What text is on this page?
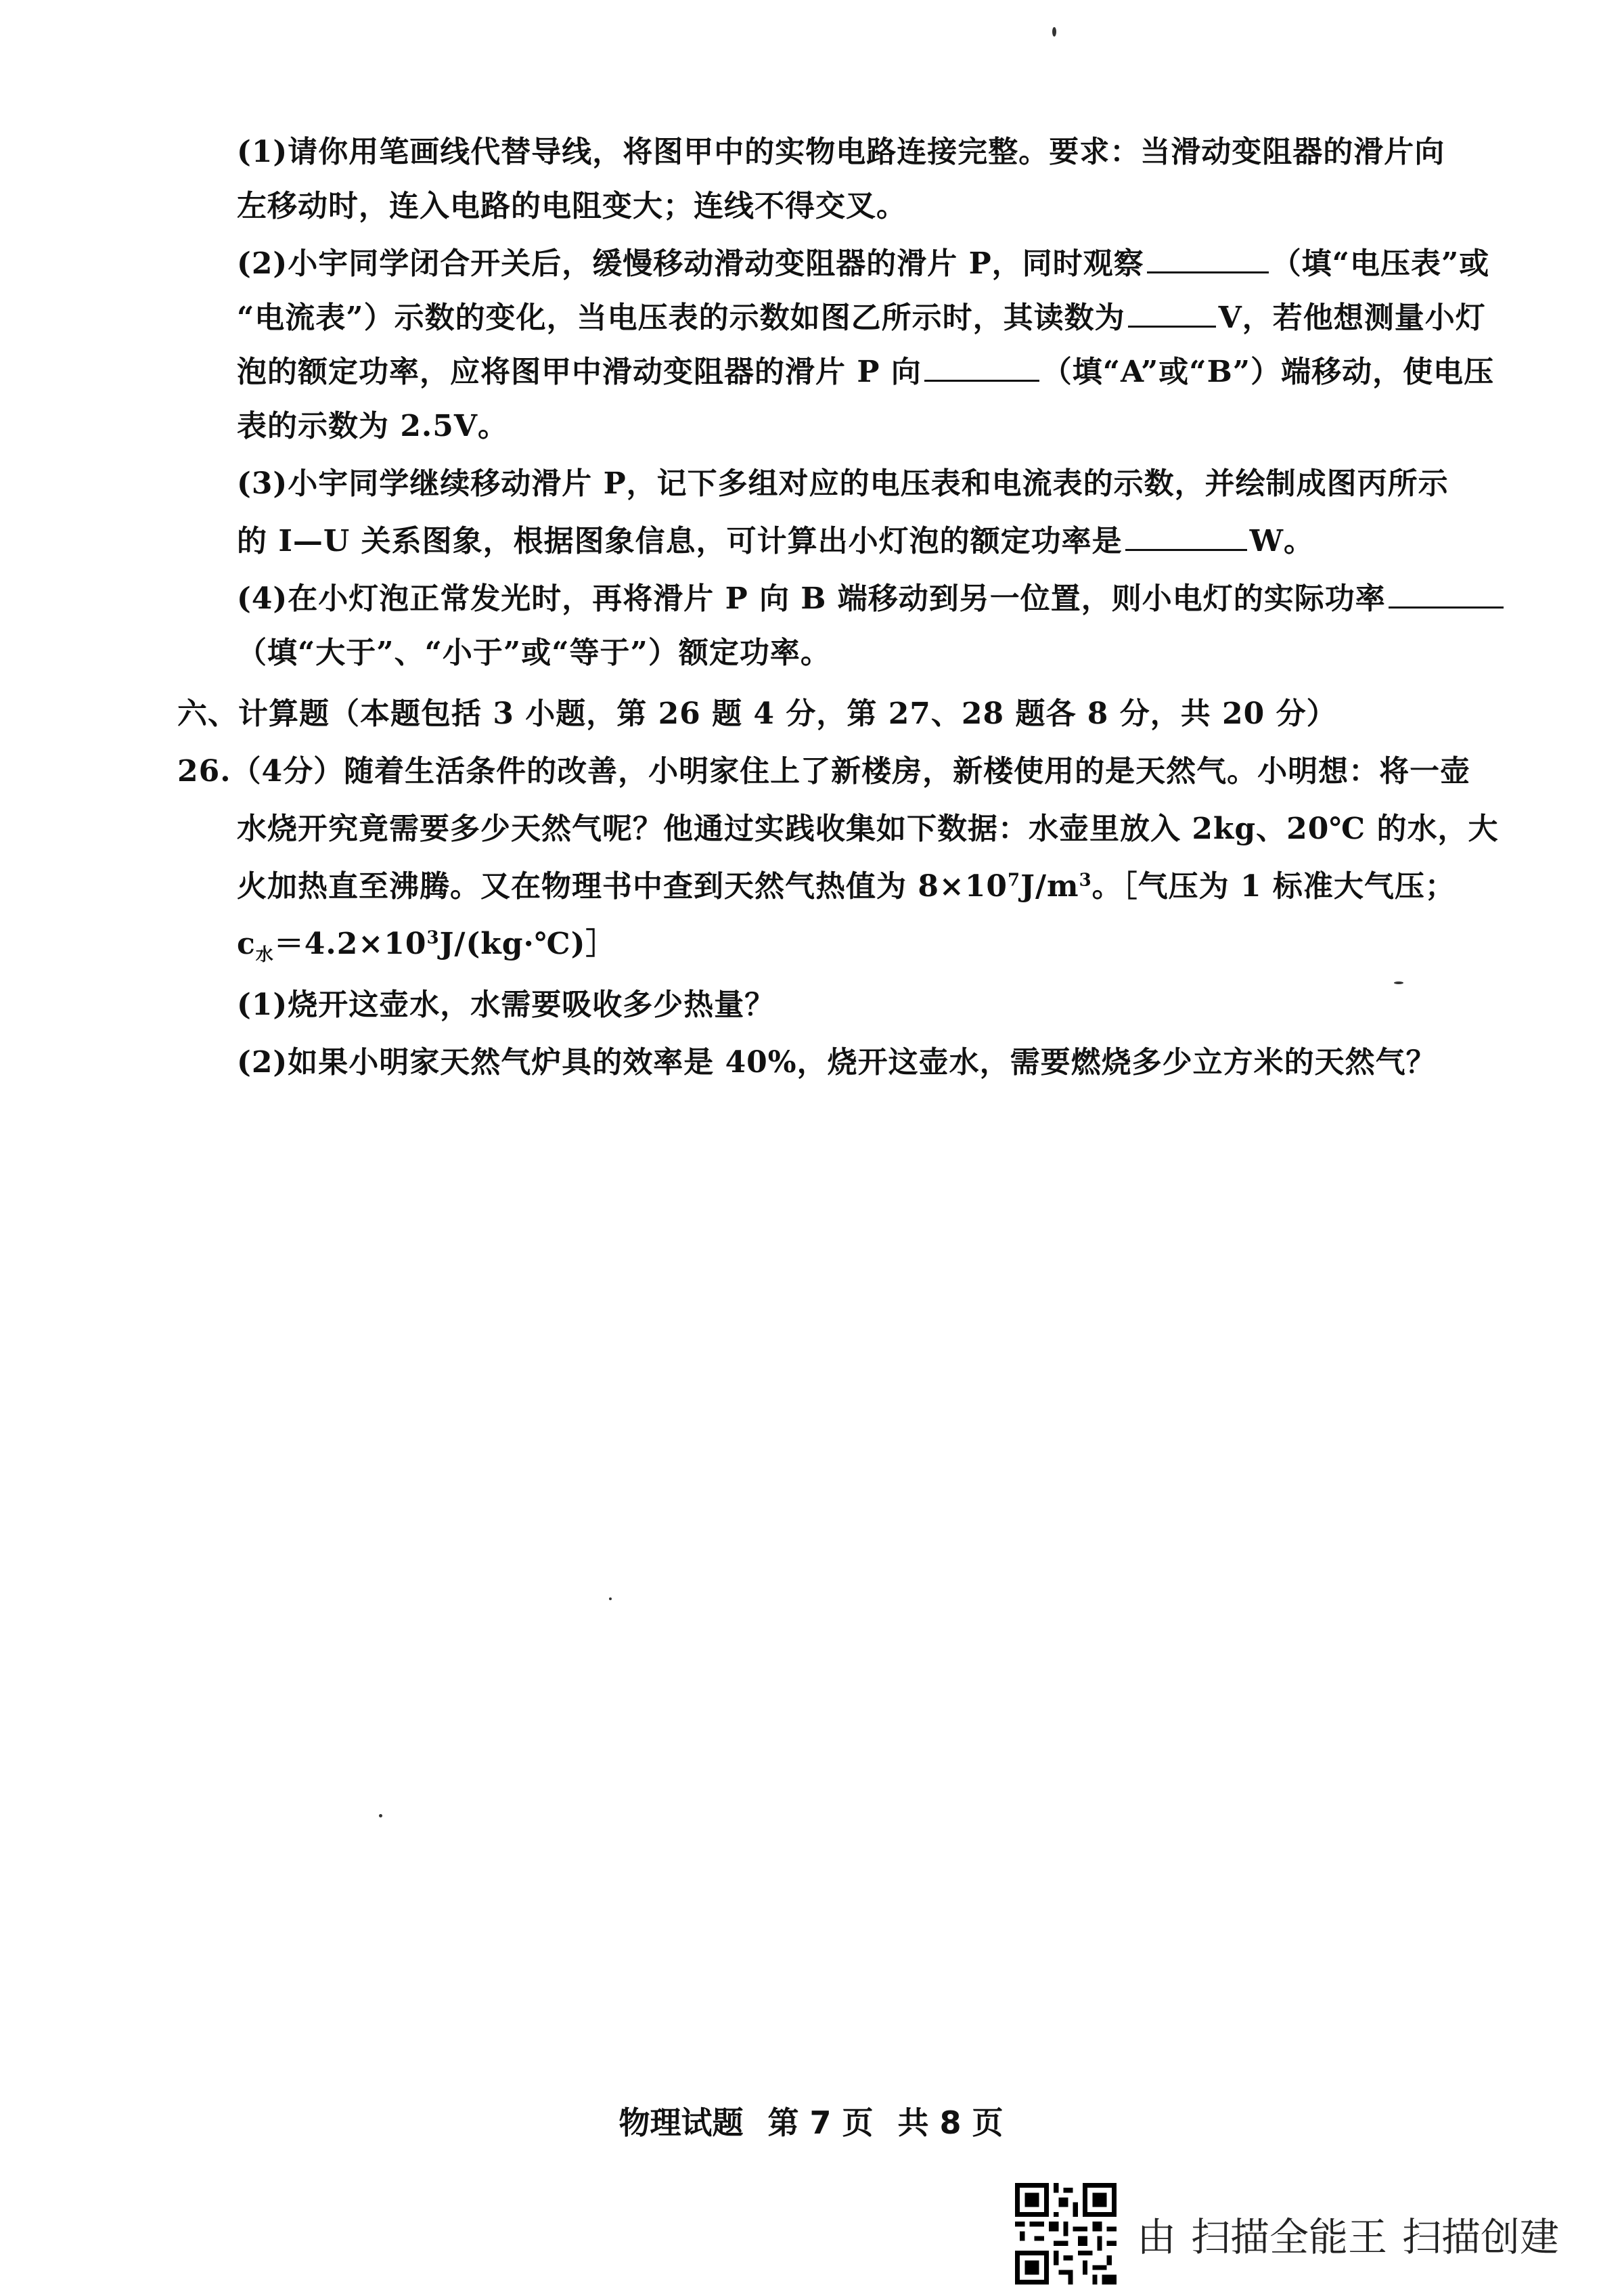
(1)请你用笔画线代替导线，将图甲中的实物电路连接完整。要求：当滑动变阻器的滑片向
左移动时，连入电路的电阻变大；连线不得交叉。
(2)小宇同学闭合开关后，缓慢移动滑动变阻器的滑片 P，同时观察	（填“电压表”或
“电流表”）示数的变化，当电压表的示数如图乙所示时，其读数为	V，若他想测量小灯
泡的额定功率，应将图甲中滑动变阻器的滑片 P 向	（填“A”或“B”）端移动，使电压
表的示数为 2.5V。
(3)小宇同学继续移动滑片 P，记下多组对应的电压表和电流表的示数，并绘制成图丙所示
的 I—U 关系图象，根据图象信息，可计算出小灯泡的额定功率是	W。
(4)在小灯泡正常发光时，再将滑片 P 向 B 端移动到另一位置，则小电灯的实际功率
（填“大于”、“小于”或“等于”）额定功率。
六、计算题（本题包括 3 小题，第 26 题 4 分，第 27、28 题各 8 分，共 20 分）
26.（4分）随着生活条件的改善，小明家住上了新楼房，新楼使用的是天然气。小明想：将一壶
水烧开究竟需要多少天然气呢？他通过实践收集如下数据：水壶里放入 2kg、20℃ 的水，大
火加热直至沸腾。又在物理书中查到天然气热值为 $8\times 10^7J/m^3$。［气压为 1 标准大气压；
$c_水=4.2\times 10^3J/(kg\cdot℃)]$
(1)烧开这壶水，水需要吸收多少热量？
(2)如果小明家天然气炉具的效率是 40%，烧开这壶水，需要燃烧多少立方米的天然气？
物理试题 第 7 页 共 8 页
由 扫描全能王 扫描创建
